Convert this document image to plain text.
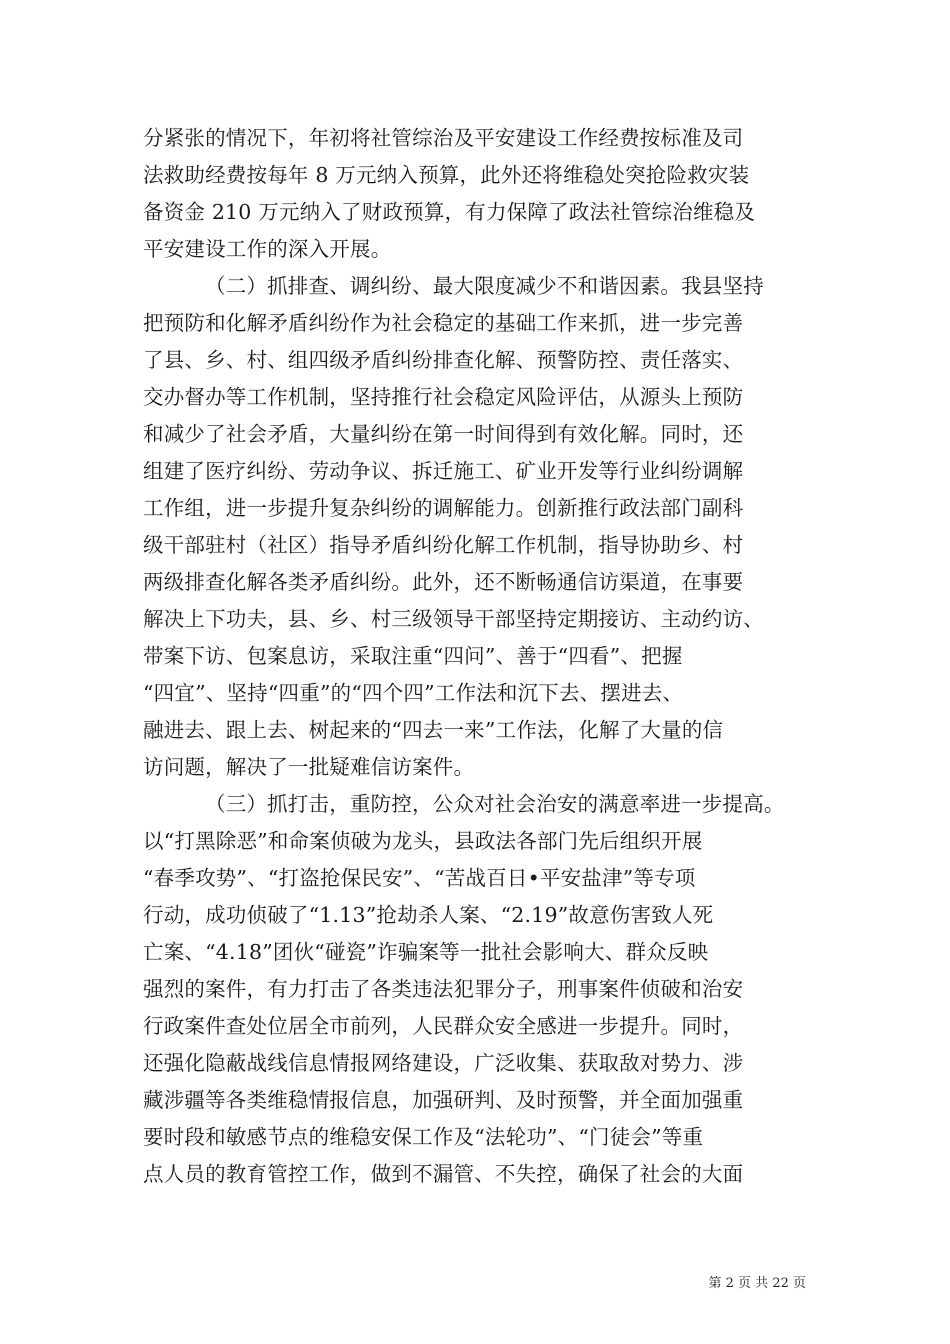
分紧张的情况下，年初将社管综治及平安建设工作经费按标准及司
法救助经费按每年 8 万元纳入预算，此外还将维稳处突抢险救灾装
备资金 210 万元纳入了财政预算，有力保障了政法社管综治维稳及
平安建设工作的深入开展。
（二）抓排查、调纠纷、最大限度减少不和谐因素。我县坚持
把预防和化解矛盾纠纷作为社会稳定的基础工作来抓，进一步完善
了县、乡、村、组四级矛盾纠纷排查化解、预警防控、责任落实、
交办督办等工作机制，坚持推行社会稳定风险评估，从源头上预防
和减少了社会矛盾，大量纠纷在第一时间得到有效化解。同时，还
组建了医疗纠纷、劳动争议、拆迁施工、矿业开发等行业纠纷调解
工作组，进一步提升复杂纠纷的调解能力。创新推行政法部门副科
级干部驻村（社区）指导矛盾纠纷化解工作机制，指导协助乡、村
两级排查化解各类矛盾纠纷。此外，还不断畅通信访渠道，在事要
解决上下功夫，县、乡、村三级领导干部坚持定期接访、主动约访、
带案下访、包案息访，采取注重“四问”、善于“四看”、把握
“四宜”、坚持“四重”的“四个四”工作法和沉下去、摆进去、
融进去、跟上去、树起来的“四去一来”工作法，化解了大量的信
访问题，解决了一批疑难信访案件。
（三）抓打击，重防控，公众对社会治安的满意率进一步提高。
以“打黑除恶”和命案侦破为龙头，县政法各部门先后组织开展
“春季攻势”、“打盗抢保民安”、“苦战百日•平安盐津”等专项
行动，成功侦破了“1.13”抢劫杀人案、“2.19”故意伤害致人死
亡案、“4.18”团伙“碰瓷”诈骗案等一批社会影响大、群众反映
强烈的案件，有力打击了各类违法犯罪分子，刑事案件侦破和治安
行政案件查处位居全市前列，人民群众安全感进一步提升。同时，
还强化隐蔽战线信息情报网络建设，广泛收集、获取敌对势力、涉
藏涉疆等各类维稳情报信息，加强研判、及时预警，并全面加强重
要时段和敏感节点的维稳安保工作及“法轮功”、“门徒会”等重
点人员的教育管控工作，做到不漏管、不失控，确保了社会的大面
第 2 页 共 22 页
